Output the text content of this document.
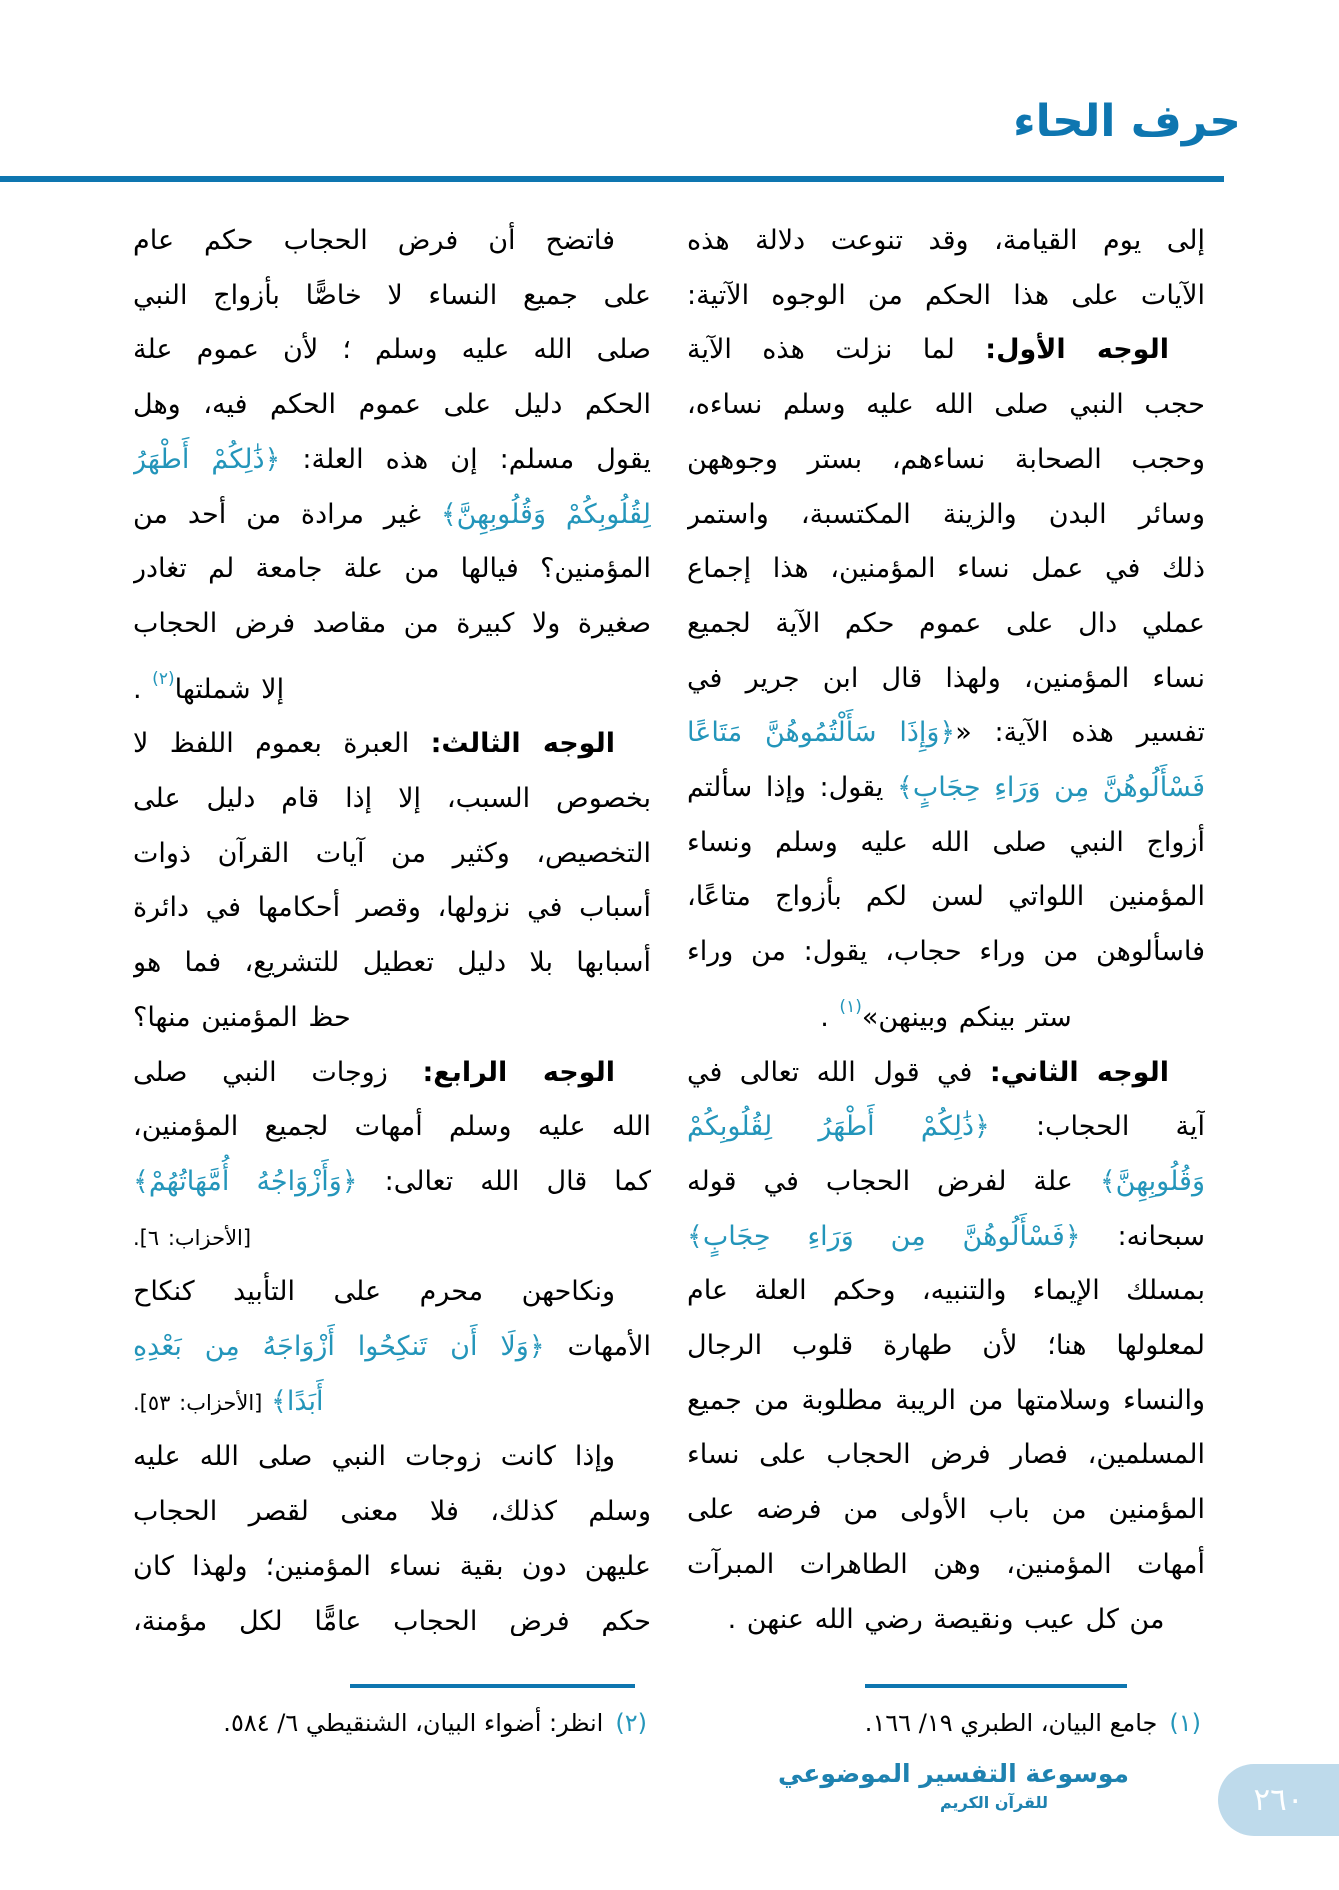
حرف الحاء
إلى يوم القيامة، وقد تنوعت دلالة هذه
الآيات على هذا الحكم من الوجوه الآتية:
الوجه الأول: لما نزلت هذه الآية
حجب النبي صلى الله عليه وسلم نساءه،
وحجب الصحابة نساءهم، بستر وجوههن
وسائر البدن والزينة المكتسبة، واستمر
ذلك في عمل نساء المؤمنين، هذا إجماع
عملي دال على عموم حكم الآية لجميع
نساء المؤمنين، ولهذا قال ابن جرير في
تفسير هذه الآية: «﴿وَإِذَا سَأَلْتُمُوهُنَّ مَتَاعًا
فَسْأَلُوهُنَّ مِن وَرَاءِ حِجَابٍ﴾ يقول: وإذا سألتم
أزواج النبي صلى الله عليه وسلم ونساء
المؤمنين اللواتي لسن لكم بأزواج متاعًا،
فاسألوهن من وراء حجاب، يقول: من وراء
ستر بينكم وبينهن»$^{(١)}$ .
الوجه الثاني: في قول الله تعالى في
آية الحجاب: ﴿ذَٰلِكُمْ أَطْهَرُ لِقُلُوبِكُمْ
وَقُلُوبِهِنَّ﴾ علة لفرض الحجاب في قوله
سبحانه: ﴿فَسْأَلُوهُنَّ مِن وَرَاءِ حِجَابٍ﴾
بمسلك الإيماء والتنبيه، وحكم العلة عام
لمعلولها هنا؛ لأن طهارة قلوب الرجال
والنساء وسلامتها من الريبة مطلوبة من جميع
المسلمين، فصار فرض الحجاب على نساء
المؤمنين من باب الأولى من فرضه على
أمهات المؤمنين، وهن الطاهرات المبرآت
من كل عيب ونقيصة رضي الله عنهن .
(١)جامع البيان، الطبري ١٩/ ١٦٦.
فاتضح أن فرض الحجاب حكم عام
على جميع النساء لا خاصًّا بأزواج النبي
صلى الله عليه وسلم ؛ لأن عموم علة
الحكم دليل على عموم الحكم فيه، وهل
يقول مسلم: إن هذه العلة: ﴿ذَٰلِكُمْ أَطْهَرُ
لِقُلُوبِكُمْ وَقُلُوبِهِنَّ﴾ غير مرادة من أحد من
المؤمنين؟ فيالها من علة جامعة لم تغادر
صغيرة ولا كبيرة من مقاصد فرض الحجاب
إلا شملتها$^{(٢)}$ .
الوجه الثالث: العبرة بعموم اللفظ لا
بخصوص السبب، إلا إذا قام دليل على
التخصيص، وكثير من آيات القرآن ذوات
أسباب في نزولها، وقصر أحكامها في دائرة
أسبابها بلا دليل تعطيل للتشريع، فما هو
حظ المؤمنين منها؟
الوجه الرابع: زوجات النبي صلى
الله عليه وسلم أمهات لجميع المؤمنين،
كما قال الله تعالى: ﴿وَأَزْوَاجُهُ أُمَّهَاتُهُمْ﴾
[الأحزاب: ٦].
ونكاحهن محرم على التأبيد كنكاح
الأمهات ﴿وَلَا أَن تَنكِحُوا أَزْوَاجَهُ مِن بَعْدِهِ
أَبَدًا﴾ [الأحزاب: ٥٣].
وإذا كانت زوجات النبي صلى الله عليه
وسلم كذلك، فلا معنى لقصر الحجاب
عليهن دون بقية نساء المؤمنين؛ ولهذا كان
حكم فرض الحجاب عامًّا لكل مؤمنة،
(٢)انظر: أضواء البيان، الشنقيطي ٦/ ٥٨٤.
موسوعة التفسير الموضوعي
للقرآن الكريم	٢٦٠
